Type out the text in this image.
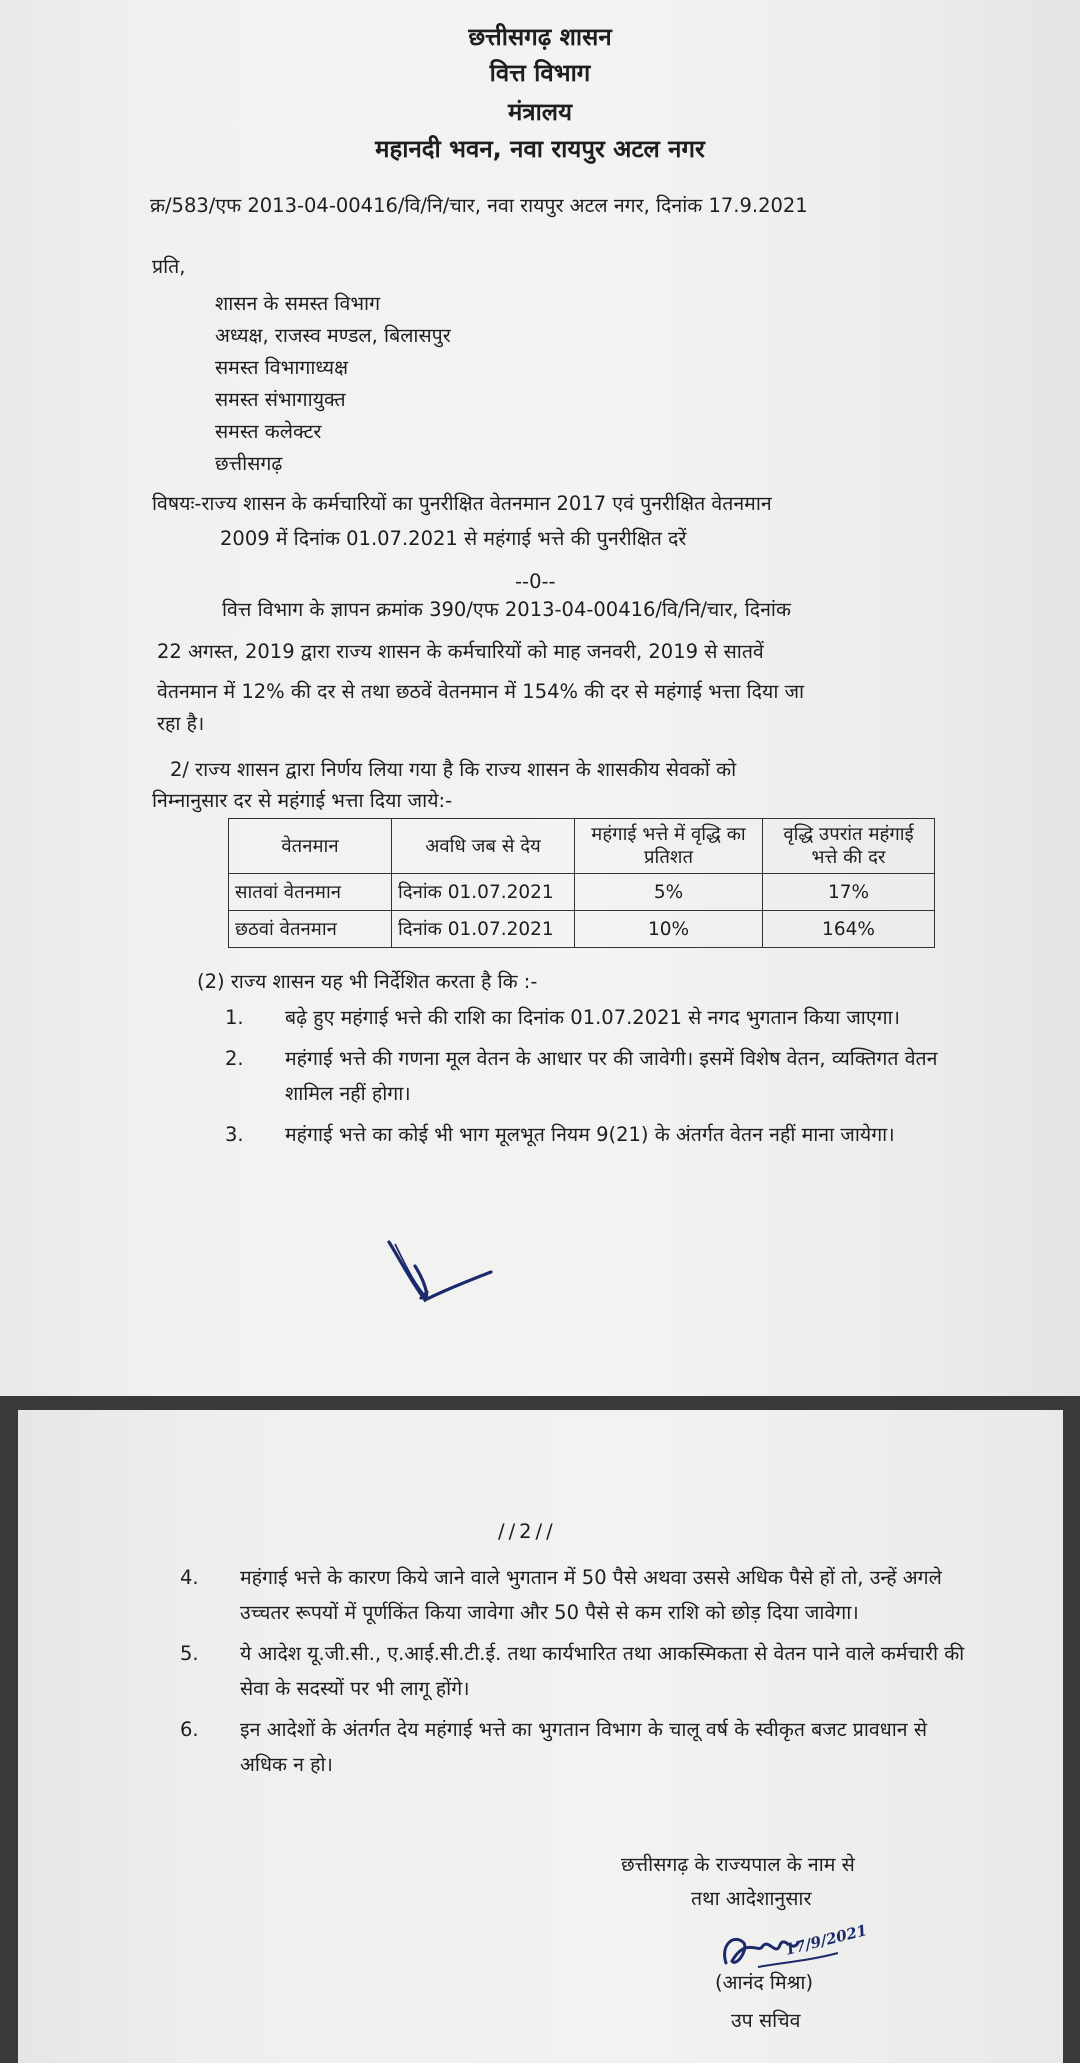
छत्तीसगढ़ शासन
वित्त विभाग
मंत्रालय
महानदी भवन, नवा रायपुर अटल नगर
क्र/583/एफ 2013-04-00416/वि/नि/चार, नवा रायपुर अटल नगर, दिनांक 17.9.2021
प्रति,
शासन के समस्त विभाग
अध्यक्ष, राजस्व मण्डल, बिलासपुर
समस्त विभागाध्यक्ष
समस्त संभागायुक्त
समस्त कलेक्टर
छत्तीसगढ़
विषयः-राज्य शासन के कर्मचारियों का पुनरीक्षित वेतनमान 2017 एवं पुनरीक्षित वेतनमान
2009 में दिनांक 01.07.2021 से महंगाई भत्ते की पुनरीक्षित दरें
--0--
वित्त विभाग के ज्ञापन क्रमांक 390/एफ 2013-04-00416/वि/नि/चार, दिनांक
22 अगस्त, 2019 द्वारा राज्य शासन के कर्मचारियों को माह जनवरी, 2019 से सातवें
वेतनमान में 12% की दर से तथा छठवें वेतनमान में 154% की दर से महंगाई भत्ता दिया जा
रहा है।
2/ राज्य शासन द्वारा निर्णय लिया गया है कि राज्य शासन के शासकीय सेवकों को
निम्नानुसार दर से महंगाई भत्ता दिया जाये:-
वेतनमान	अवधि जब से देय	महंगाई भत्ते में वृद्धि का प्रतिशत	वृद्धि उपरांत महंगाई भत्ते की दर
सातवां वेतनमान	दिनांक 01.07.2021	5%	17%
छठवां वेतनमान	दिनांक 01.07.2021	10%	164%
(2) राज्य शासन यह भी निर्देशित करता है कि :-
1. बढ़े हुए महंगाई भत्ते की राशि का दिनांक 01.07.2021 से नगद भुगतान किया जाएगा।
2. महंगाई भत्ते की गणना मूल वेतन के आधार पर की जावेगी। इसमें विशेष वेतन, व्यक्तिगत वेतन शामिल नहीं होगा।
3. महंगाई भत्ते का कोई भी भाग मूलभूत नियम 9(21) के अंतर्गत वेतन नहीं माना जायेगा।
//2//
4. महंगाई भत्ते के कारण किये जाने वाले भुगतान में 50 पैसे अथवा उससे अधिक पैसे हों तो, उन्हें अगले उच्चतर रूपयों में पूर्णकिंत किया जावेगा और 50 पैसे से कम राशि को छोड़ दिया जावेगा।
5. ये आदेश यू.जी.सी., ए.आई.सी.टी.ई. तथा कार्यभारित तथा आकस्मिकता से वेतन पाने वाले कर्मचारी की सेवा के सदस्यों पर भी लागू होंगे।
6. इन आदेशों के अंतर्गत देय महंगाई भत्ते का भुगतान विभाग के चालू वर्ष के स्वीकृत बजट प्रावधान से अधिक न हो।
छत्तीसगढ़ के राज्यपाल के नाम से
तथा आदेशानुसार
17/9/2021
(आनंद मिश्रा)
उप सचिव
